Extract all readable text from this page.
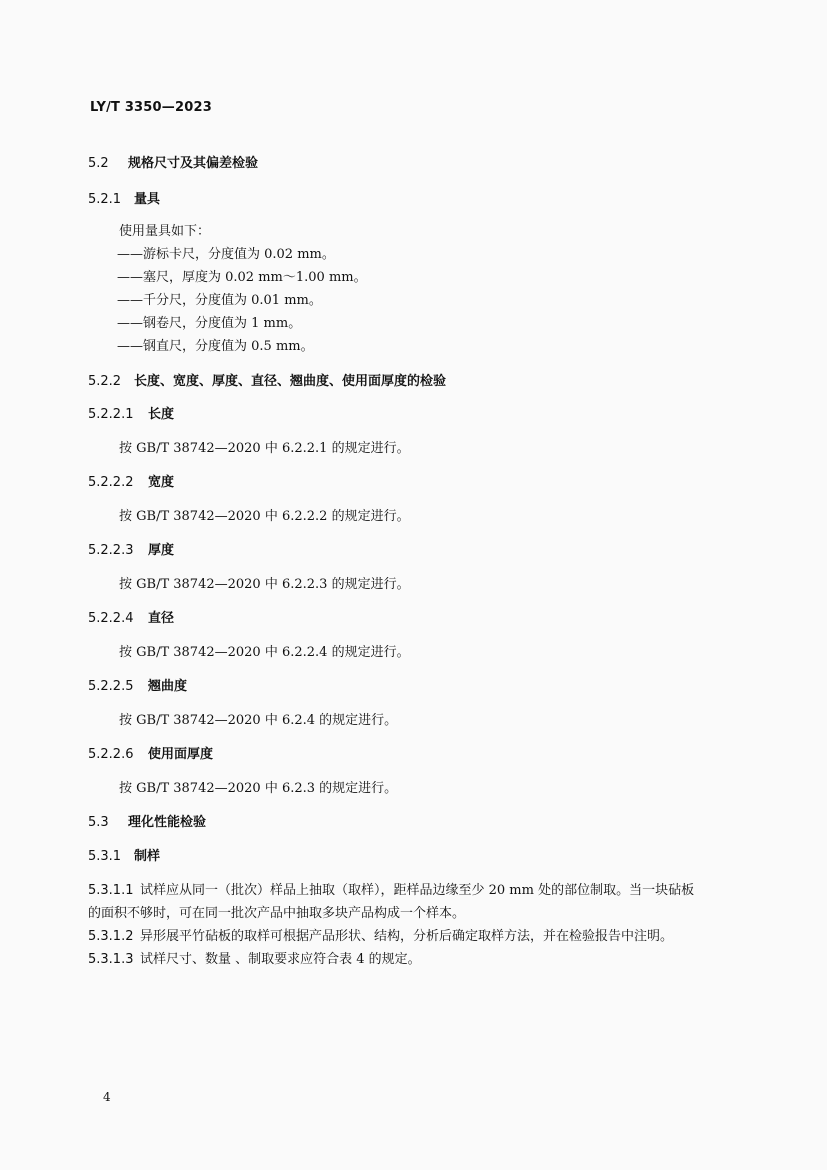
LY/T 3350—2023
5.2 规格尺寸及其偏差检验
5.2.1 量具
使用量具如下：
——游标卡尺，分度值为 0.02 mm。
——塞尺，厚度为 0.02 mm～1.00 mm。
——千分尺，分度值为 0.01 mm。
——钢卷尺，分度值为 1 mm。
——钢直尺，分度值为 0.5 mm。
5.2.2 长度、宽度、厚度、直径、翘曲度、使用面厚度的检验
5.2.2.1 长度
按 GB/T 38742—2020 中 6.2.2.1 的规定进行。
5.2.2.2 宽度
按 GB/T 38742—2020 中 6.2.2.2 的规定进行。
5.2.2.3 厚度
按 GB/T 38742—2020 中 6.2.2.3 的规定进行。
5.2.2.4 直径
按 GB/T 38742—2020 中 6.2.2.4 的规定进行。
5.2.2.5 翘曲度
按 GB/T 38742—2020 中 6.2.4 的规定进行。
5.2.2.6 使用面厚度
按 GB/T 38742—2020 中 6.2.3 的规定进行。
5.3 理化性能检验
5.3.1 制样
5.3.1.1 试样应从同一（批次）样品上抽取（取样），距样品边缘至少 20 mm 处的部位制取。当一块砧板
的面积不够时，可在同一批次产品中抽取多块产品构成一个样本。
5.3.1.2 异形展平竹砧板的取样可根据产品形状、结构，分析后确定取样方法，并在检验报告中注明。
5.3.1.3 试样尺寸、数量 、制取要求应符合表 4 的规定。
4
